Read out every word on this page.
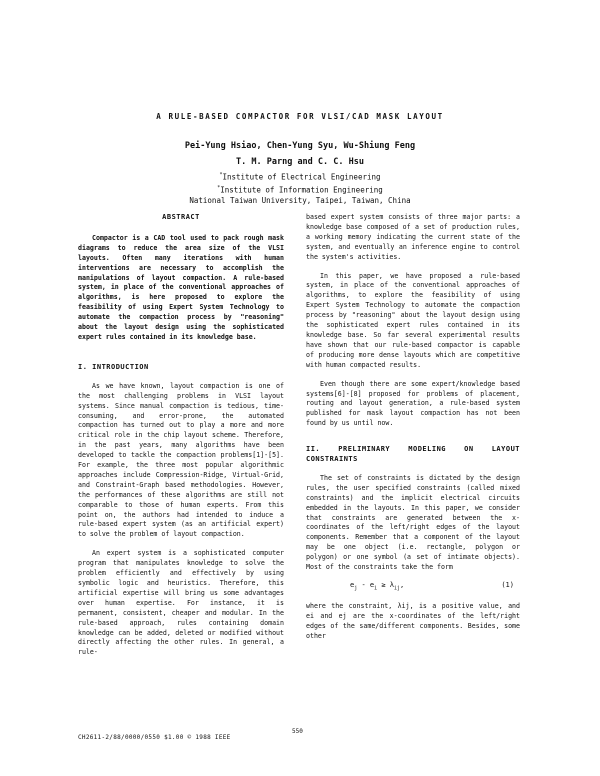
A RULE-BASED COMPACTOR FOR VLSI/CAD MASK LAYOUT
Pei-Yung Hsiao, Chen-Yung Syu, Wu-Shiung Feng
T. M. Parng and C. C. Hsu
*Institute of Electrical Engineering
*Institute of Information Engineering
National Taiwan University, Taipei, Taiwan, China

ABSTRACT

Compactor is a CAD tool used to pack rough mask diagrams to reduce the area size of the VLSI layouts. Often many iterations with human interventions are necessary to accomplish the manipulations of layout compaction. A rule-based system, in place of the conventional approaches of algorithms, is here proposed to explore the feasibility of using Expert System Technology to automate the compaction process by "reasoning" about the layout design using the sophisticated expert rules contained in its knowledge base.

I. INTRODUCTION

As we have known, layout compaction is one of the most challenging problems in VLSI layout systems. Since manual compaction is tedious, time-consuming, and error-prone, the automated compaction has turned out to play a more and more critical role in the chip layout scheme. Therefore, in the past years, many algorithms have been developed to tackle the compaction problems[1]-[5]. For example, the three most popular algorithmic approaches include Compression-Ridge, Virtual-Grid, and Constraint-Graph based methodologies. However, the performances of these algorithms are still not comparable to those of human experts. From this point on, the authors had intended to induce a rule-based expert system (as an artificial expert) to solve the problem of layout compaction.

An expert system is a sophisticated computer program that manipulates knowledge to solve the problem efficiently and effectively by using symbolic logic and heuristics. Therefore, this artificial expertise will bring us some advantages over human expertise. For instance, it is permanent, consistent, cheaper and modular. In the rule-based approach, rules containing domain knowledge can be added, deleted or modified without directly affecting the other rules. In general, a rule-

based expert system consists of three major parts: a knowledge base composed of a set of production rules, a working memory indicating the current state of the system, and eventually an inference engine to control the system's activities.

In this paper, we have proposed a rule-based system, in place of the conventional approaches of algorithms, to explore the feasibility of using Expert System Technology to automate the compaction process by "reasoning" about the layout design using the sophisticated expert rules contained in its knowledge base. So far several experimental results have shown that our rule-based compactor is capable of producing more dense layouts which are competitive with human compacted results.

Even though there are some expert/knowledge based systems[6]-[8] proposed for problems of placement, routing and layout generation, a rule-based system published for mask layout compaction has not been found by us until now.

II. PRELIMINARY MODELING ON LAYOUT CONSTRAINTS

The set of constraints is dictated by the design rules, the user specified constraints (called mixed constraints) and the implicit electrical circuits embedded in the layouts. In this paper, we consider that constraints are generated between the x-coordinates of the left/right edges of the layout components. Remember that a component of the layout may be one object (i.e. rectangle, polygon or polygon) or one symbol (a set of intimate objects). Most of the constraints take the form

$e_j - e_i \ge \lambda_{ij}$,	(1)

where the constraint, λij, is a positive value, and ei and ej are the x-coordinates of the left/right edges of the same/different components. Besides, some other

550
CH2611-2/88/0000/0550 $1.00 © 1988 IEEE
